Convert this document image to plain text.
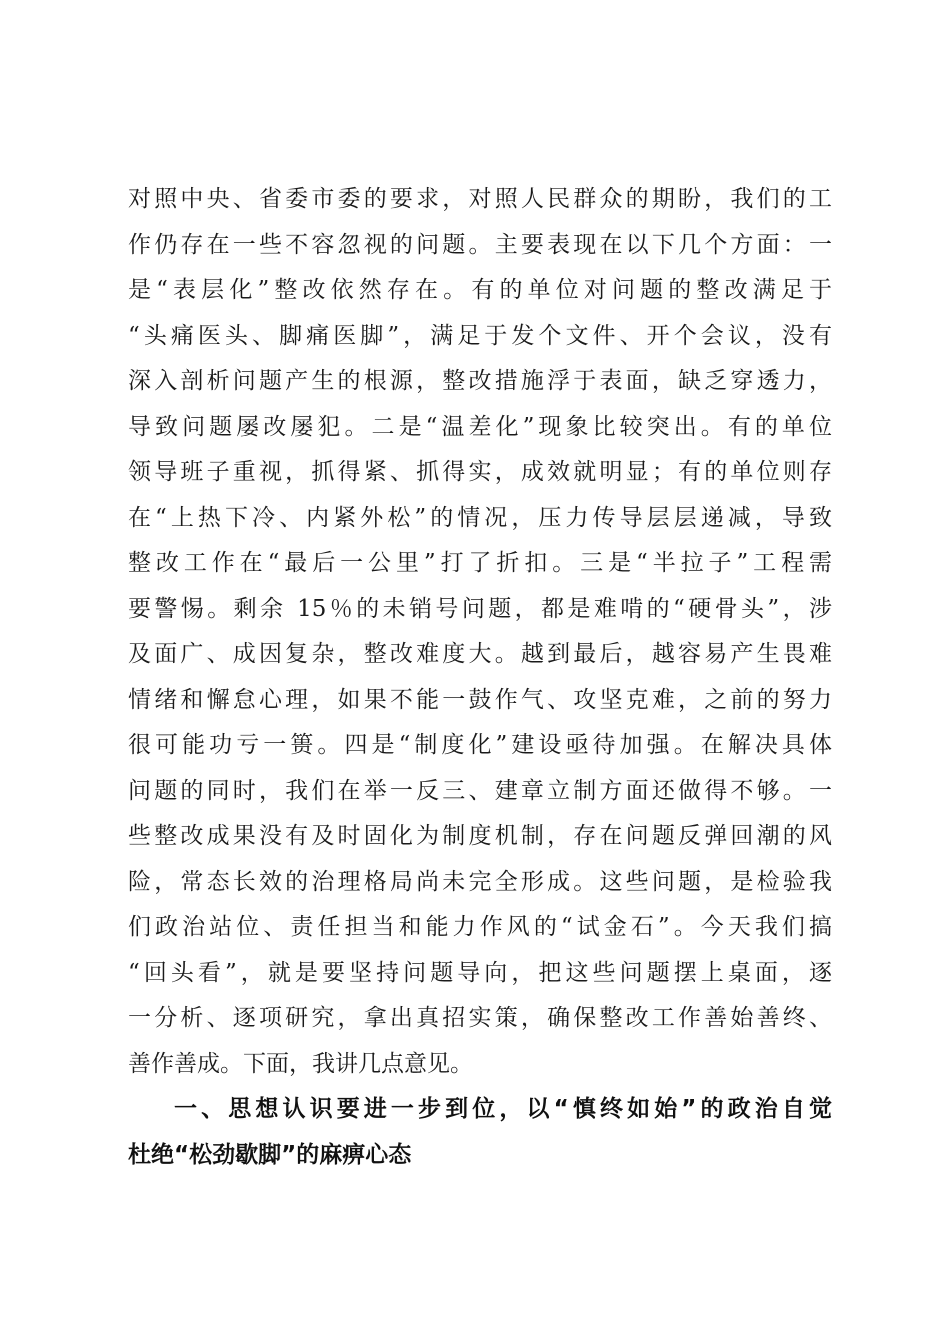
对照中央、省委市委的要求，对照人民群众的期盼，我们的工
作仍存在一些不容忽视的问题。主要表现在以下几个方面：一
是“表层化”整改依然存在。有的单位对问题的整改满足于
“头痛医头、脚痛医脚”，满足于发个文件、开个会议，没有
深入剖析问题产生的根源，整改措施浮于表面，缺乏穿透力，
导致问题屡改屡犯。二是“温差化”现象比较突出。有的单位
领导班子重视，抓得紧、抓得实，成效就明显；有的单位则存
在“上热下冷、内紧外松”的情况，压力传导层层递减，导致
整改工作在“最后一公里”打了折扣。三是“半拉子”工程需
要警惕。剩余 15％的未销号问题，都是难啃的“硬骨头”，涉
及面广、成因复杂，整改难度大。越到最后，越容易产生畏难
情绪和懈怠心理，如果不能一鼓作气、攻坚克难，之前的努力
很可能功亏一篑。四是“制度化”建设亟待加强。在解决具体
问题的同时，我们在举一反三、建章立制方面还做得不够。一
些整改成果没有及时固化为制度机制，存在问题反弹回潮的风
险，常态长效的治理格局尚未完全形成。这些问题，是检验我
们政治站位、责任担当和能力作风的“试金石”。今天我们搞
“回头看”，就是要坚持问题导向，把这些问题摆上桌面，逐
一分析、逐项研究，拿出真招实策，确保整改工作善始善终、
善作善成。下面，我讲几点意见。
一、思想认识要进一步到位，以“慎终如始”的政治自觉
杜绝“松劲歇脚”的麻痹心态
